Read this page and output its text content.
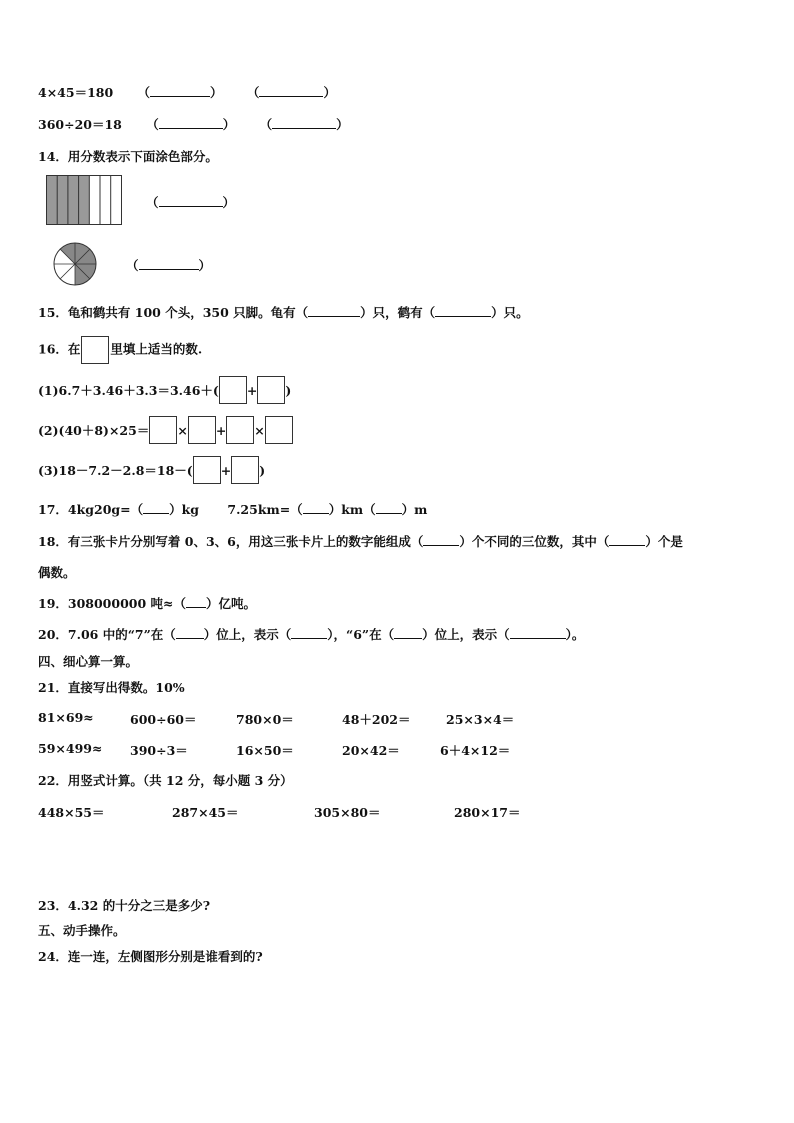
4×45＝180 （	） （	）
360÷20＝18 （	） （	）
14．用分数表示下面涂色部分。
（	）
（	）
15．龟和鹤共有 100 个头，350 只脚。龟有（	）只，鹤有（	）只。
16．在 里填上适当的数.
(1)6.7＋3.46＋3.3＝3.46＋( + )
(2)(40＋8)×25＝ × + ×
(3)18－7.2－2.8＝18－( + )
17．4kg20g=（ ）kg 7.25km=（ ）km（ ）m
18．有三张卡片分别写着 0、3、6，用这三张卡片上的数字能组成（	）个不同的三位数，其中（	）个是
偶数。
19．308000000 吨≈（ ）亿吨。
20．7.06 中的“7”在（ ）位上，表示（	），“6”在（ ）位上，表示（	）。
四、细心算一算。
21．直接写出得数。10%
81×69≈	600÷60＝	780×0＝	48＋202＝	25×3×4＝
59×499≈ 390÷3＝	16×50＝	20×42＝	6＋4×12＝
22．用竖式计算。（共 12 分，每小题 3 分）
448×55＝	287×45＝	305×80＝	280×17＝
23．4.32 的十分之三是多少?
五、动手操作。
24．连一连，左侧图形分别是谁看到的?
